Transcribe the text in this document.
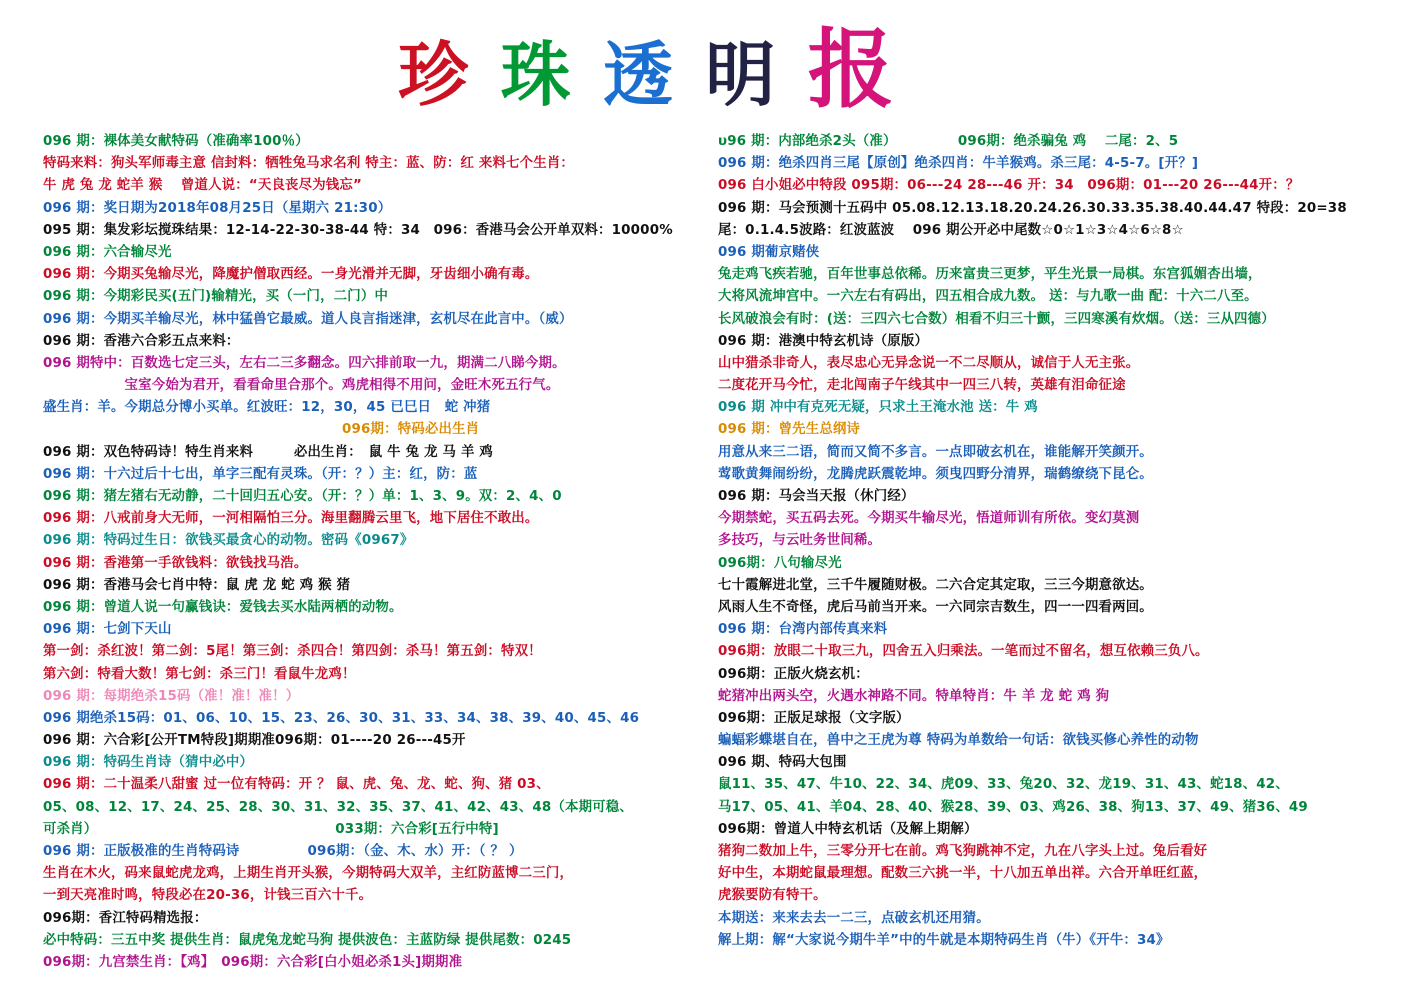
珍 珠 透 明 报
096 期：裸体美女献特码（准确率100％）
特码来料：狗头军师毒主意 信封料：牺牲兔马求名利 特主：蓝、防：红 来料七个生肖：
牛 虎 兔 龙 蛇羊 猴　 曾道人说：“天良丧尽为钱忘”
096 期：奖日期为2018年08月25日（星期六 21:30）
095 期：集发彩坛搅珠结果：12-14-22-30-38-44 特：34　096：香港马会公开单双料：10000%
096 期：六合输尽光
096 期：今期买兔输尽光，降魔护僧取西经。一身光滑并无脚，牙齿细小确有毒。
096 期：今期彩民买(五门)输精光，买（一门，二门）中
096 期：今期买羊输尽光，林中猛兽它最威。道人良言指迷津，玄机尽在此言中。（威）
096 期：香港六合彩五点来料：
096 期特中：百数选七定三头，左右二三多翻念。四六排前取一九，期满二八睇今期。
　　　　　　宝室今始为君开，看看命里合那个。鸡虎相得不用问，金旺木死五行气。
盛生肖：羊。今期总分博小买单。红波旺：12，30，45 已巳日　蛇 冲猪
　　　　　　　　　　　　　　　　　　　　　　096期：特码必出生肖
096 期：双色特码诗！特生肖来料　　　必出生肖：　鼠 牛 兔 龙 马 羊 鸡
096 期：十六过后十七出，单字三配有灵珠。（开：？）主：红，防：蓝
096 期：猪左猪右无动静，二十回归五心安。（开：？）单：1、3、9。双：2、4、0
096 期：八戒前身大无师，一河相隔怕三分。海里翻腾云里飞，地下居住不敢出。
096 期：特码过生日：欲钱买最贪心的动物。密码《0967》
096 期：香港第一手欲钱料：欲钱找马浩。
096 期：香港马会七肖中特：鼠 虎 龙 蛇 鸡 猴 猪
096 期：曾道人说一句赢钱诀：爱钱去买水陆两栖的动物。
096 期：七剑下天山
第一剑：杀红波！第二剑：5尾！第三剑：杀四合！第四剑：杀马！第五剑：特双！
第六剑：特看大数！第七剑：杀三门！看鼠牛龙鸡！
096 期：每期绝杀15码（准！准！准！）
096 期绝杀15码：01、06、10、15、23、26、30、31、33、34、38、39、40、45、46
096 期：六合彩[公开TM特段]期期准096期：01----20 26---45开
096 期：特码生肖诗（猜中必中）
096 期：二十温柔八甜蜜 过一位有特码：开 ？ 鼠、虎、兔、龙、蛇、狗、猪 03、
05、08、12、17、24、25、28、30、31、32、35、37、41、42、43、48（本期可稳、
可杀肖）　　　　　　　　　　　　　　　　　　033期：六合彩[五行中特]
096 期：正版极准的生肖特码诗　　　　　096期：（金、木、水）开：（ ？ ）
生肖在木火，码来鼠蛇虎龙鸡，上期生肖开头猴，今期特码大双羊，主红防蓝博二三门，
一到天亮准时鸣，特段必在20-36，计钱三百六十千。
096期：香江特码精选报：
必中特码：三五中奖 提供生肖：鼠虎兔龙蛇马狗 提供波色：主蓝防绿 提供尾数：0245
096期：九宫禁生肖：【鸡】　096期：六合彩[白小姐必杀1头]期期准
υ96 期：内部绝杀2头（准）　　　　　096期：绝杀骗兔 鸡　 二尾：2、5
096 期：绝杀四肖三尾【原创】绝杀四肖：牛羊猴鸡。杀三尾：4-5-7。[开？]
096 白小姐必中特段 095期：06---24 28---46 开：34　096期：01---20 26---44开：？
096 期：马会预测十五码中 05.08.12.13.18.20.24.26.30.33.35.38.40.44.47 特段：20=38
尾：0.1.4.5波路：红波蓝波　 096 期公开必中尾数☆0☆1☆3☆4☆6☆8☆
096 期葡京赌侠
兔走鸡飞疾若驰，百年世事总依稀。历来富贵三更梦，平生光景一局棋。东宫狐媚杏出墙，
大将风流坤宫中。一六左右有码出，四五相合成九数。 送：与九歌一曲 配：十六二八至。
长风破浪会有时：(送：三四六七合数）相看不归三十颤，三四寒溪有炊烟。（送：三从四德）
096 期：港澳中特玄机诗（原版）
山中猎杀非奇人，表尽忠心无异念说一不二尽顺从，诚信于人无主张。
二度花开马今忙，走北闯南子午线其中一四三八转，英雄有泪命征途
096 期 冲中有克死无疑，只求土王淹水池 送：牛 鸡
096 期：曾先生总纲诗
用意从来三二语，简而又简不多言。一点即破玄机在，谁能解开笑颜开。
莺歌黄舞闹纷纷，龙腾虎跃震乾坤。须曳四野分清界，瑞鹤缭绕下昆仑。
096 期：马会当天报（休门经）
今期禁蛇，买五码去死。今期买牛输尽光，悟道师训有所依。变幻莫测
多技巧，与云吐务世间稀。
096期：八句输尽光
七十霞解进北堂，三千牛履随财极。二六合定其定取，三三今期意欲达。
风雨人生不奇怪，虎后马前当开来。一六同宗吉数生，四一一四看两回。
096 期：台湾内部传真来料
096期：放眼二十取三九，四舍五入归乘法。一笔而过不留名，想互依赖三负八。
096期：正版火烧玄机：
蛇猪冲出两头空，火遇水神路不同。特单特肖：牛 羊 龙 蛇 鸡 狗
096期：正版足球报（文字版）
蝙蝠彩蝶堪自在，兽中之王虎为尊 特码为单数给一句话：欲钱买修心养性的动物
096 期、特码大包围
鼠11、35、47、牛10、22、34、虎09、33、兔20、32、龙19、31、43、蛇18、42、
马17、05、41、羊04、28、40、猴28、39、03、鸡26、38、狗13、37、49、猪36、49
096期：曾道人中特玄机话（及解上期解）
猪狗二数加上牛，三零分开七在前。鸡飞狗跳神不定，九在八字头上过。兔后看好
好中生，本期蛇鼠最理想。配数三六挑一半，十八加五单出祥。六合开单旺红蓝，
虎猴要防有特干。
本期送：来来去去一二三，点破玄机还用猜。
解上期：解“大家说今期牛羊”中的牛就是本期特码生肖（牛）《开牛：34》
